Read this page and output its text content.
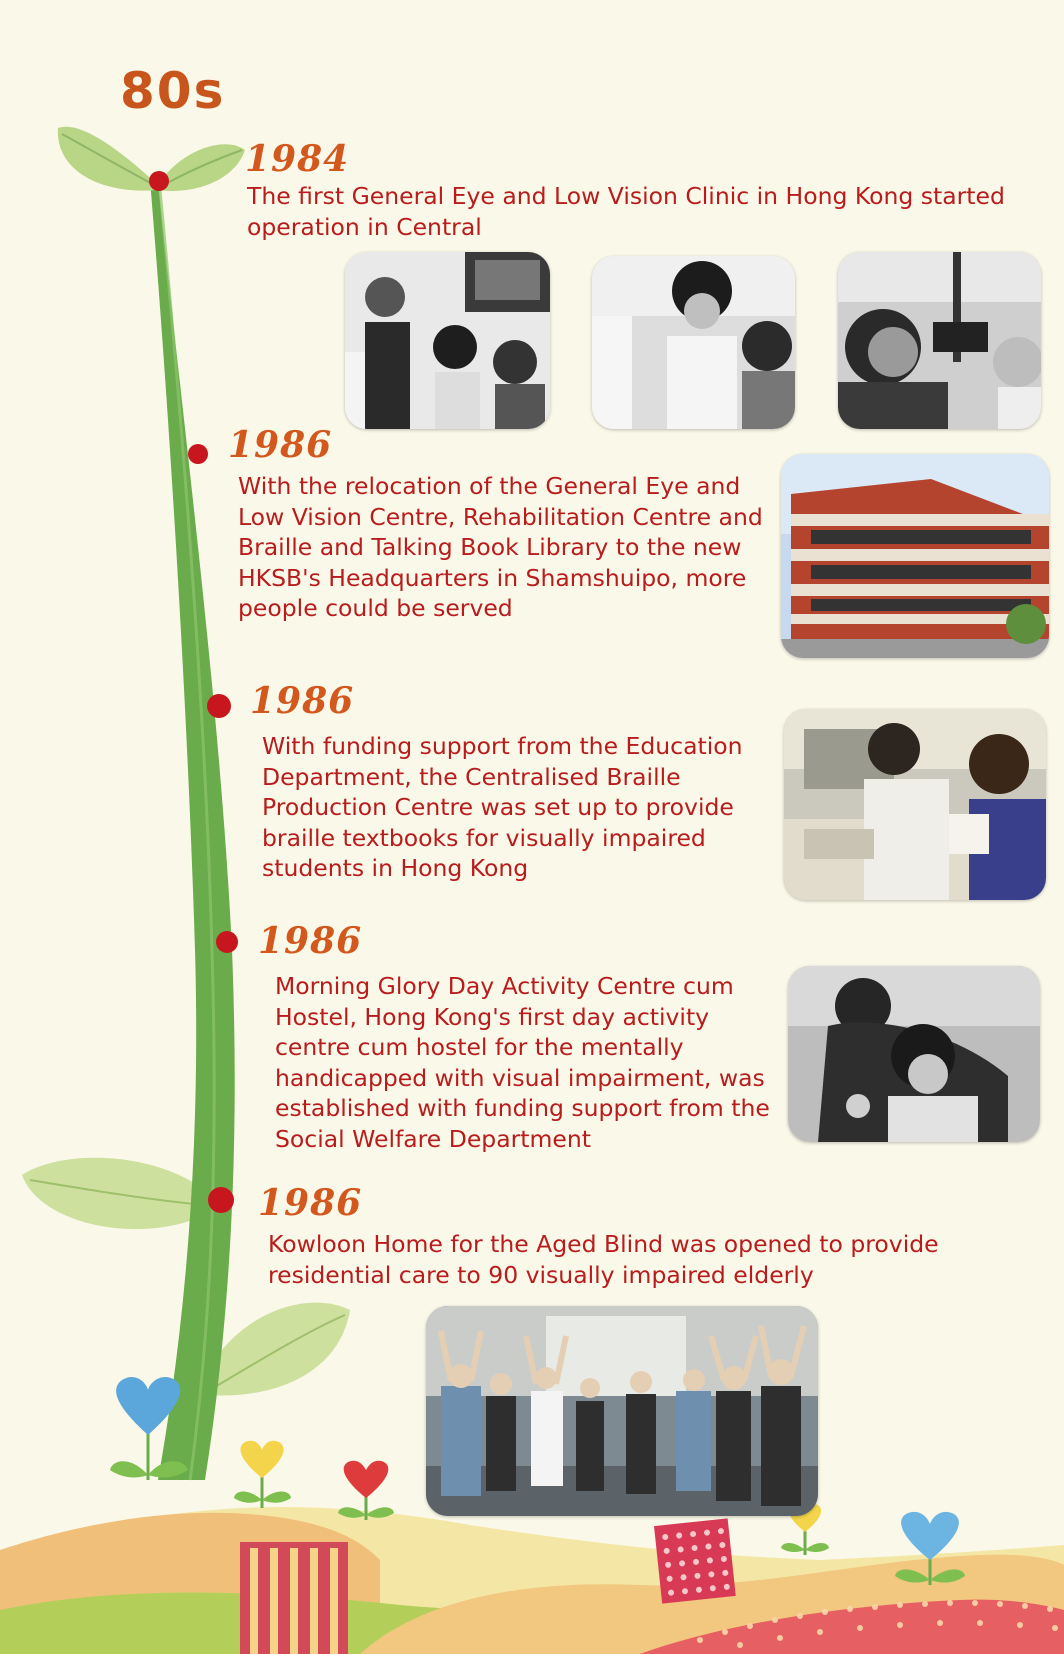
80s
1984
The first General Eye and Low Vision Clinic in Hong Kong started
operation in Central
1986
With the relocation of the General Eye and
Low Vision Centre, Rehabilitation Centre and
Braille and Talking Book Library to the new
HKSB's Headquarters in Shamshuipo, more
people could be served
1986
With funding support from the Education
Department, the Centralised Braille
Production Centre was set up to provide
braille textbooks for visually impaired
students in Hong Kong
1986
Morning Glory Day Activity Centre cum
Hostel, Hong Kong's first day activity
centre cum hostel for the mentally
handicapped with visual impairment, was
established with funding support from the
Social Welfare Department
1986
Kowloon Home for the Aged Blind was opened to provide
residential care to 90 visually impaired elderly
